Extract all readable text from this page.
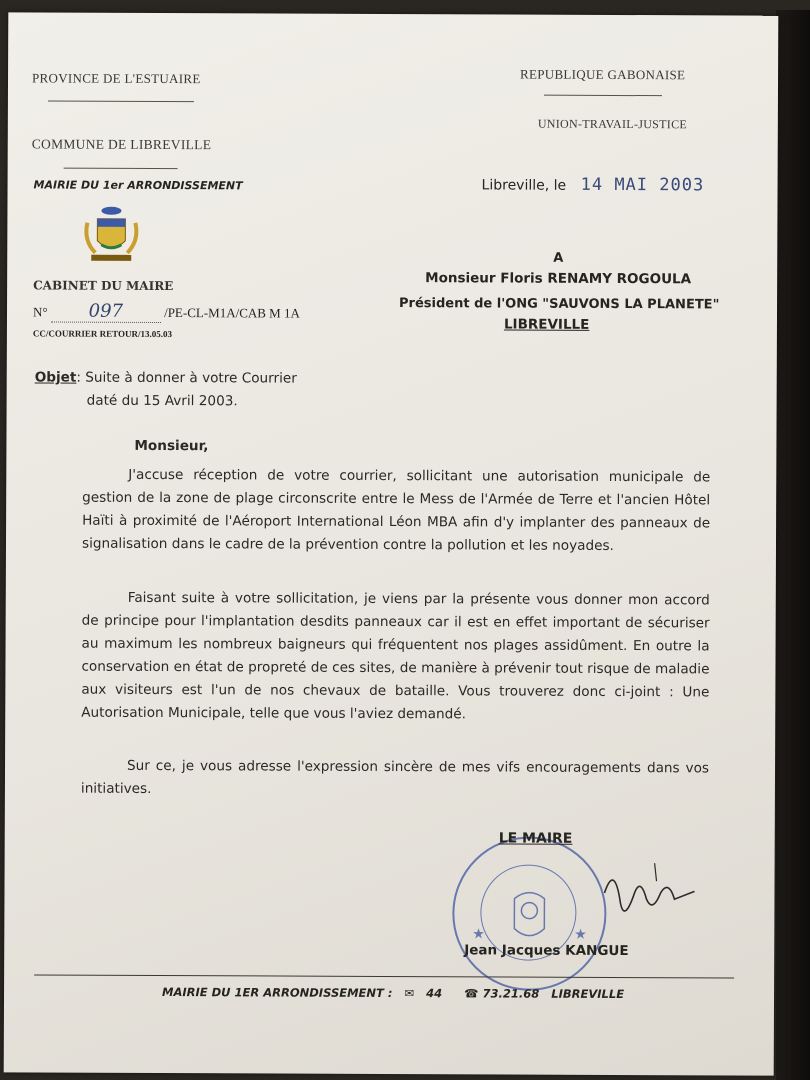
PROVINCE DE L'ESTUAIRE
COMMUNE DE LIBREVILLE
MAIRIE DU 1er ARRONDISSEMENT
CABINET DU MAIRE
N° 097	/PE-CL-M1A/CAB M 1A
CC/COURRIER RETOUR/13.05.03
REPUBLIQUE GABONAISE
UNION-TRAVAIL-JUSTICE
Libreville, le 14 MAI 2003
A
Monsieur Floris RENAMY ROGOULA
Président de l'ONG "SAUVONS LA PLANETE"
LIBREVILLE
Objet: Suite à donner à votre Courrier
daté du 15 Avril 2003.
Monsieur,
J'accuse réception de votre courrier, sollicitant une autorisation municipale de gestion de la zone de plage circonscrite entre le Mess de l'Armée de Terre et l'ancien Hôtel Haïti à proximité de l'Aéroport International Léon MBA afin d'y implanter des panneaux de signalisation dans le cadre de la prévention contre la pollution et les noyades.
Faisant suite à votre sollicitation, je viens par la présente vous donner mon accord de principe pour l'implantation desdits panneaux car il est en effet important de sécuriser au maximum les nombreux baigneurs qui fréquentent nos plages assidûment. En outre la conservation en état de propreté de ces sites, de manière à prévenir tout risque de maladie aux visiteurs est l'un de nos chevaux de bataille. Vous trouverez donc ci-joint : Une Autorisation Municipale, telle que vous l'aviez demandé.
Sur ce, je vous adresse l'expression sincère de mes vifs encouragements dans vos initiatives.
★	★
LE MAIRE
Jean Jacques KANGUE
MAIRIE DU 1ER ARRONDISSEMENT : ✉ 44 ☎ 73.21.68 LIBREVILLE
